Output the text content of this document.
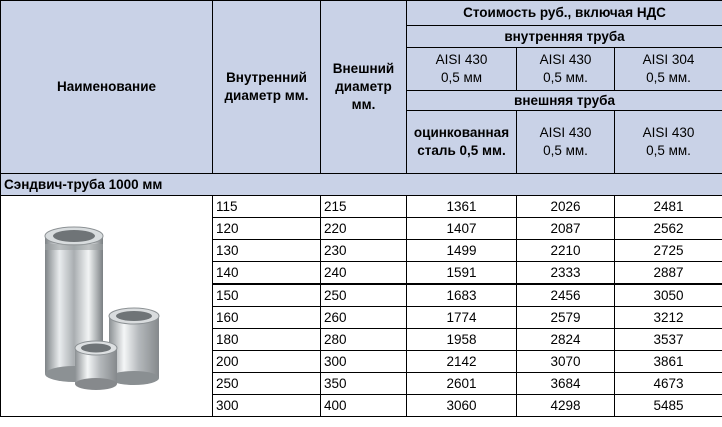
Наименование	Внутренний диаметр мм.	Внешний диаметр мм.	Стоимость руб., включая НДС		
			внутренняя труба		
			AISI 430 0,5 мм	AISI 430 0,5 мм.	AISI 304 0,5 мм.
			внешняя труба		
			оцинкованная сталь 0,5 мм.	AISI 430 0,5 мм.	AISI 430 0,5 мм.
Сэндвич-труба 1000 мм					
	115	215	1361	2026	2481
	120	220	1407	2087	2562
	130	230	1499	2210	2725
	140	240	1591	2333	2887
	150	250	1683	2456	3050
	160	260	1774	2579	3212
	180	280	1958	2824	3537
	200	300	2142	3070	3861
	250	350	2601	3684	4673
	300	400	3060	4298	5485
